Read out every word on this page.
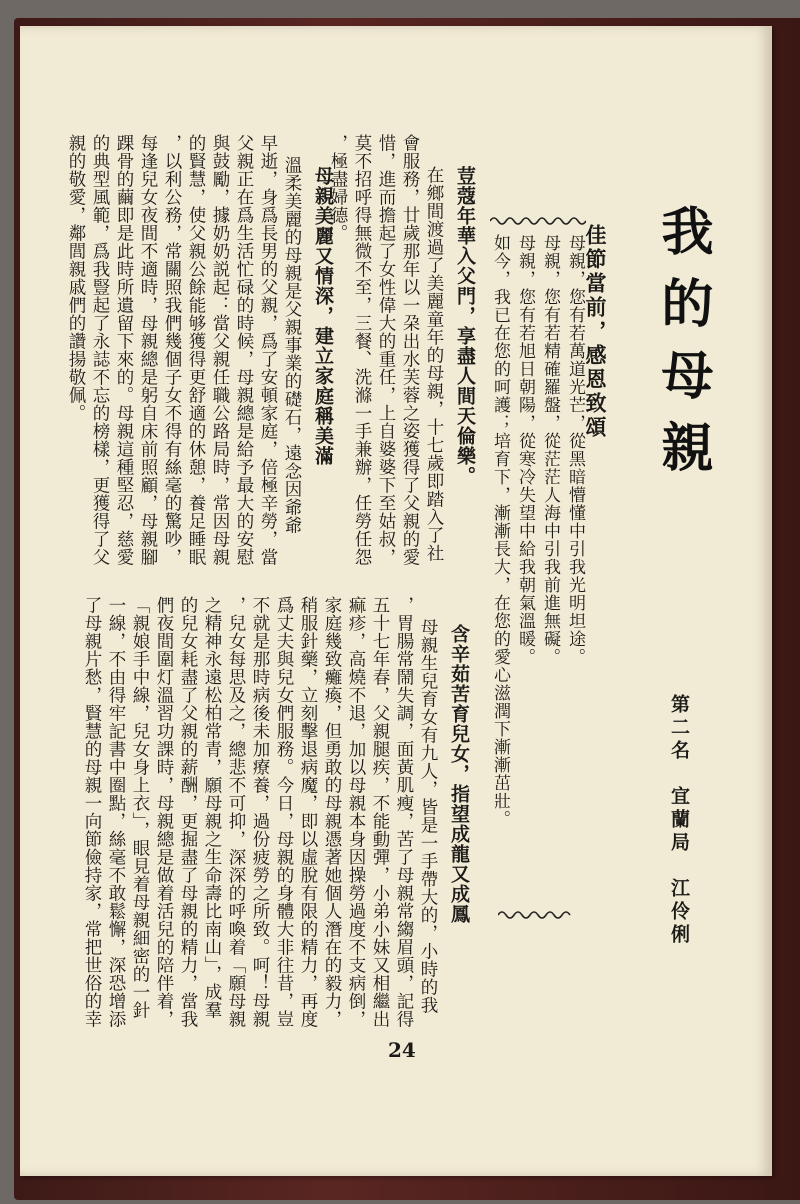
我的母親
第二名　宜蘭局　江伶俐
佳節當前，感恩致頌
母親，您有若萬道光芒，從黑暗懵懂中引我光明坦途。
母親，您有若精確羅盤，從茫茫人海中引我前進無礙。
母親，您有若旭日朝陽，從寒冷失望中給我朝氣溫暖。
如今，我已在您的呵護；培育下，漸漸長大，在您的愛心滋潤下漸漸茁壯。
荳蔻年華入父門，享盡人間天倫樂。
在鄉間渡過了美麗童年的母親，十七歲即踏入了社
會服務，廿歲那年以一朶出水芙蓉之姿獲得了父親的愛
惜，進而擔起了女性偉大的重任，上自婆婆下至姑叔，
莫不招呼得無微不至，三餐、洗滌一手兼辦，任勞任怨
，極盡婦德。
母親美麗又情深，建立家庭稱美滿
溫柔美麗的母親是父親事業的礎石，遠念因爺爺
早逝，身爲長男的父親，爲了安頓家庭，倍極辛勞，當
父親正在爲生活忙碌的時候，母親總是給予最大的安慰
與鼓勵，據奶奶説起：當父親任職公路局時，常因母親
的賢慧，使父親公餘能够獲得更舒適的休憩，養足睡眠
，以利公務，常關照我們幾個子女不得有絲毫的驚吵，
每逢兒女夜間不適時，母親總是躬自床前照顧，母親腳
踝骨的繭即是此時所遺留下來的。母親這種堅忍，慈愛
的典型風範，爲我豎起了永誌不忘的榜樣，更獲得了父
親的敬愛，鄰閭親戚們的讚揚敬佩。
含辛茹苦育兒女，指望成龍又成鳳
母親生兒育女有九人，皆是一手帶大的，小時的我
，胃腸常鬧失調，面黃肌瘦，苦了母親常縐眉頭，記得
五十七年春，父親腿疾，不能動彈，小弟小妹又相繼出
痲疹，高燒不退，加以母親本身因操勞過度不支病倒，
家庭幾致癱瘓，但勇敢的母親憑著她個人潛在的毅力，
稍服針藥，立刻擊退病魔，即以虛脫有限的精力，再度
爲丈夫與兒女們服務。今日，母親的身體大非往昔，豈
不就是那時病後未加療養，過份疲勞之所致。呵！母親
，兒女每思及之，總悲不可抑，深深的呼喚着「願母親
之精神永遠松柏常青，願母親之生命壽比南山」，成羣
的兒女耗盡了父親的薪酬，更掘盡了母親的精力，當我
們夜間圍灯溫習功課時，母親總是做着活兒的陪伴着，
「親娘手中線，兒女身上衣」，眼見着母親細密的一針
一線，不由得牢記書中圈點，絲毫不敢鬆懈，深恐增添
了母親片愁，賢慧的母親一向節儉持家，常把世俗的幸
24
